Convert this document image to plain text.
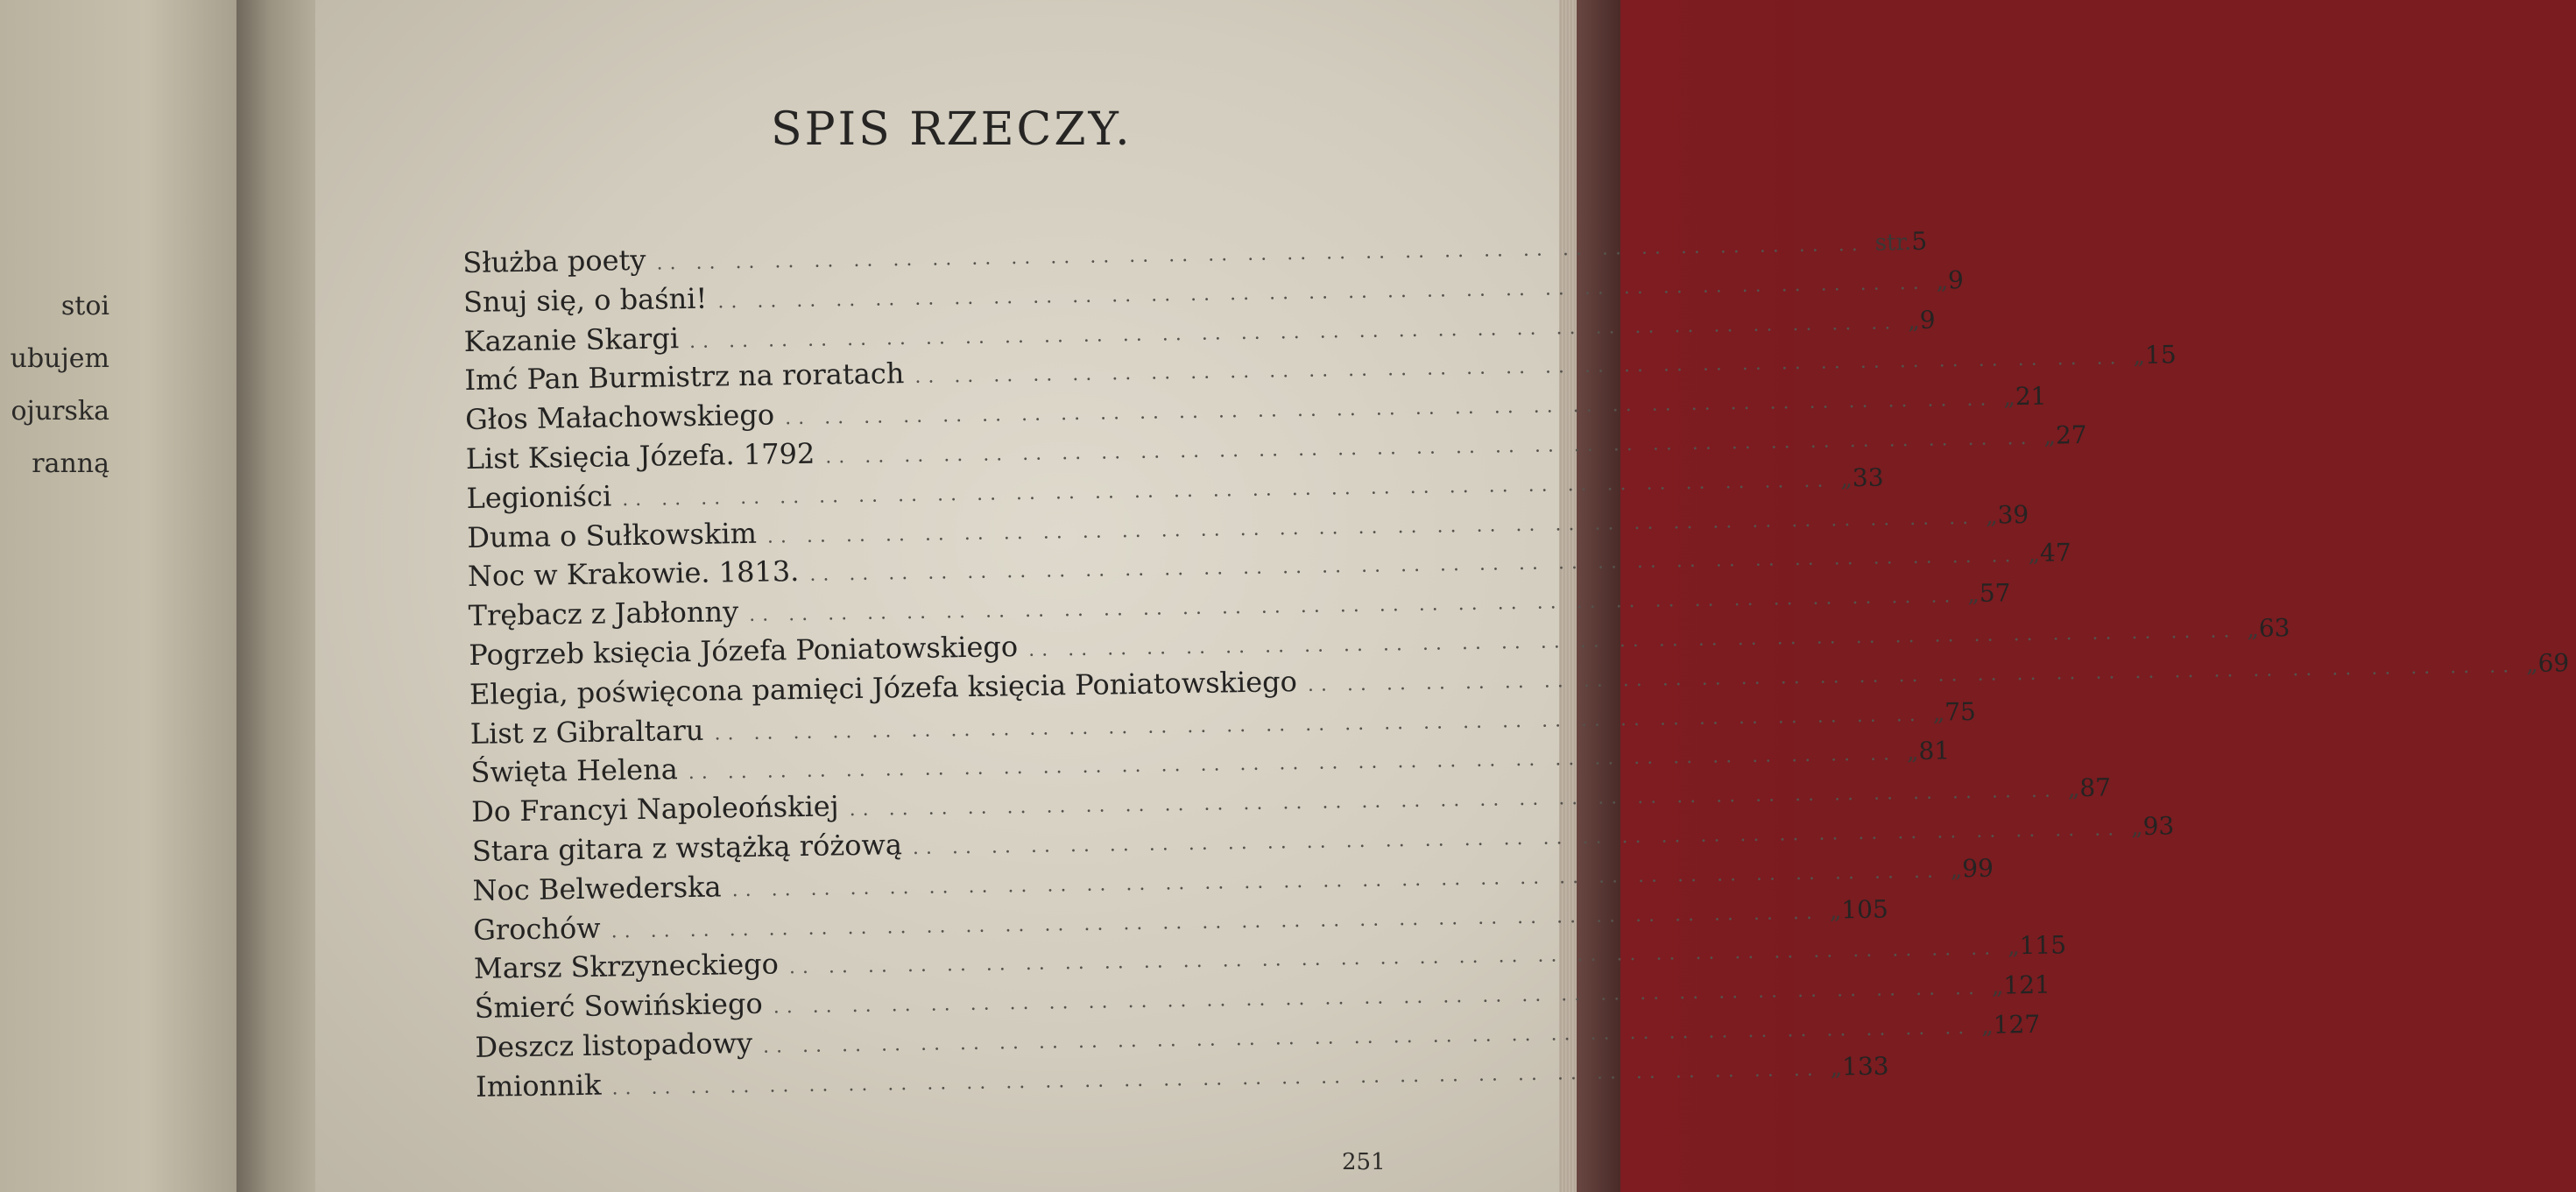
stoi
ubujem
ojurska
ranną
SPIS RZECZY.
Służba poety .. .. .. .. .. .. .. .. .. .. .. .. .. .. .. .. .. .. .. .. .. .. .. .. .. .. .. .. .. .. .. str. 5
Snuj się, o baśni! .. .. .. .. .. .. .. .. .. .. .. .. .. .. .. .. .. .. .. .. .. .. .. .. .. .. .. .. .. .. .. „ 9
Kazanie Skargi .. .. .. .. .. .. .. .. .. .. .. .. .. .. .. .. .. .. .. .. .. .. .. .. .. .. .. .. .. .. .. „ 9
Imć Pan Burmistrz na roratach .. .. .. .. .. .. .. .. .. .. .. .. .. .. .. .. .. .. .. .. .. .. .. .. .. .. .. .. .. .. .. „ 15
Głos Małachowskiego .. .. .. .. .. .. .. .. .. .. .. .. .. .. .. .. .. .. .. .. .. .. .. .. .. .. .. .. .. .. .. „ 21
List Księcia Józefa. 1792 .. .. .. .. .. .. .. .. .. .. .. .. .. .. .. .. .. .. .. .. .. .. .. .. .. .. .. .. .. .. .. „ 27
Legioniści .. .. .. .. .. .. .. .. .. .. .. .. .. .. .. .. .. .. .. .. .. .. .. .. .. .. .. .. .. .. .. „ 33
Duma o Sułkowskim .. .. .. .. .. .. .. .. .. .. .. .. .. .. .. .. .. .. .. .. .. .. .. .. .. .. .. .. .. .. .. „ 39
Noc w Krakowie. 1813. .. .. .. .. .. .. .. .. .. .. .. .. .. .. .. .. .. .. .. .. .. .. .. .. .. .. .. .. .. .. .. „ 47
Trębacz z Jabłonny .. .. .. .. .. .. .. .. .. .. .. .. .. .. .. .. .. .. .. .. .. .. .. .. .. .. .. .. .. .. .. „ 57
Pogrzeb księcia Józefa Poniatowskiego .. .. .. .. .. .. .. .. .. .. .. .. .. .. .. .. .. .. .. .. .. .. .. .. .. .. .. .. .. .. .. „ 63
Elegia, poświęcona pamięci Józefa księcia Poniatowskiego .. .. .. .. .. .. .. .. .. .. .. .. .. .. .. .. .. .. .. .. .. .. .. .. .. .. .. .. .. .. .. „ 69
List z Gibraltaru .. .. .. .. .. .. .. .. .. .. .. .. .. .. .. .. .. .. .. .. .. .. .. .. .. .. .. .. .. .. .. „ 75
Święta Helena .. .. .. .. .. .. .. .. .. .. .. .. .. .. .. .. .. .. .. .. .. .. .. .. .. .. .. .. .. .. .. „ 81
Do Francyi Napoleońskiej .. .. .. .. .. .. .. .. .. .. .. .. .. .. .. .. .. .. .. .. .. .. .. .. .. .. .. .. .. .. .. „ 87
Stara gitara z wstążką różową .. .. .. .. .. .. .. .. .. .. .. .. .. .. .. .. .. .. .. .. .. .. .. .. .. .. .. .. .. .. .. „ 93
Noc Belwederska .. .. .. .. .. .. .. .. .. .. .. .. .. .. .. .. .. .. .. .. .. .. .. .. .. .. .. .. .. .. .. „ 99
Grochów .. .. .. .. .. .. .. .. .. .. .. .. .. .. .. .. .. .. .. .. .. .. .. .. .. .. .. .. .. .. .. „ 105
Marsz Skrzyneckiego .. .. .. .. .. .. .. .. .. .. .. .. .. .. .. .. .. .. .. .. .. .. .. .. .. .. .. .. .. .. .. „ 115
Śmierć Sowińskiego .. .. .. .. .. .. .. .. .. .. .. .. .. .. .. .. .. .. .. .. .. .. .. .. .. .. .. .. .. .. .. „ 121
Deszcz listopadowy .. .. .. .. .. .. .. .. .. .. .. .. .. .. .. .. .. .. .. .. .. .. .. .. .. .. .. .. .. .. .. „ 127
Imionnik .. .. .. .. .. .. .. .. .. .. .. .. .. .. .. .. .. .. .. .. .. .. .. .. .. .. .. .. .. .. .. „ 133
251
